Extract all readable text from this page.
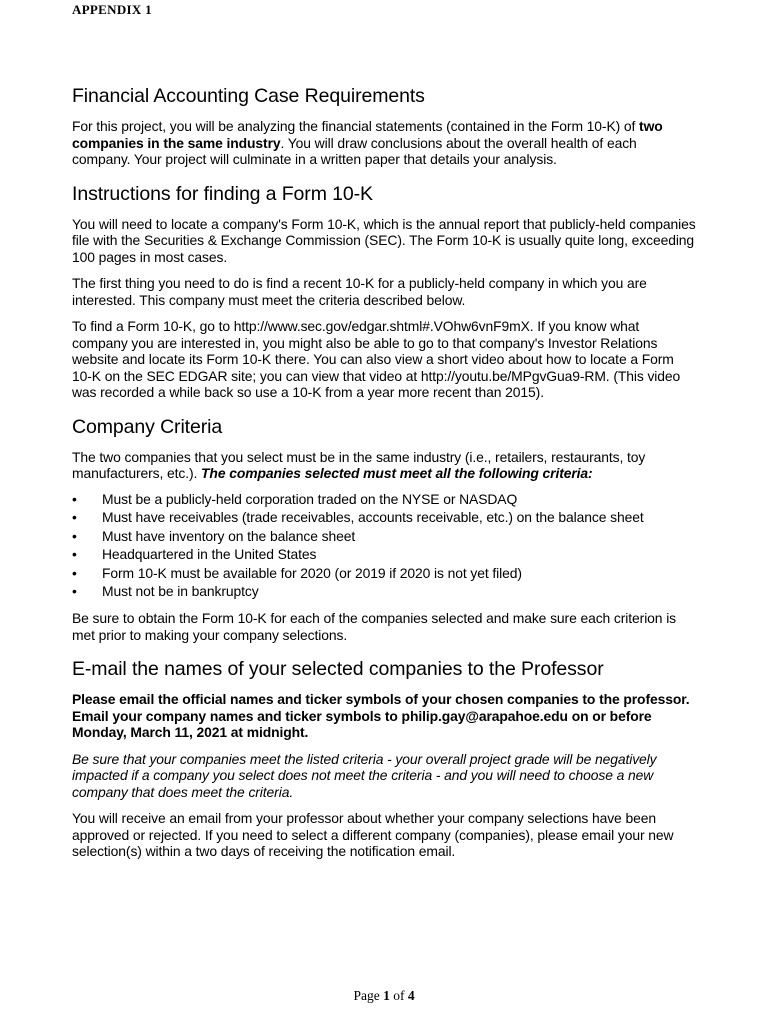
APPENDIX 1
Financial Accounting Case Requirements

For this project, you will be analyzing the financial statements (contained in the Form 10-K) of two companies in the same industry. You will draw conclusions about the overall health of each company. Your project will culminate in a written paper that details your analysis.

Instructions for finding a Form 10-K

You will need to locate a company's Form 10-K, which is the annual report that publicly-held companies file with the Securities & Exchange Commission (SEC). The Form 10-K is usually quite long, exceeding 100 pages in most cases.

The first thing you need to do is find a recent 10-K for a publicly-held company in which you are interested. This company must meet the criteria described below.

To find a Form 10-K, go to http://www.sec.gov/edgar.shtml#.VOhw6vnF9mX. If you know what company you are interested in, you might also be able to go to that company's Investor Relations website and locate its Form 10-K there. You can also view a short video about how to locate a Form 10-K on the SEC EDGAR site; you can view that video at http://youtu.be/MPgvGua9-RM. (This video was recorded a while back so use a 10-K from a year more recent than 2015).

Company Criteria

The two companies that you select must be in the same industry (i.e., retailers, restaurants, toy manufacturers, etc.). The companies selected must meet all the following criteria:

• Must be a publicly-held corporation traded on the NYSE or NASDAQ
• Must have receivables (trade receivables, accounts receivable, etc.) on the balance sheet
• Must have inventory on the balance sheet
• Headquartered in the United States
• Form 10-K must be available for 2020 (or 2019 if 2020 is not yet filed)
• Must not be in bankruptcy

Be sure to obtain the Form 10-K for each of the companies selected and make sure each criterion is met prior to making your company selections.

E-mail the names of your selected companies to the Professor

Please email the official names and ticker symbols of your chosen companies to the professor. Email your company names and ticker symbols to philip.gay@arapahoe.edu on or before Monday, March 11, 2021 at midnight.

Be sure that your companies meet the listed criteria - your overall project grade will be negatively impacted if a company you select does not meet the criteria - and you will need to choose a new company that does meet the criteria.

You will receive an email from your professor about whether your company selections have been approved or rejected. If you need to select a different company (companies), please email your new selection(s) within a two days of receiving the notification email.

Page 1 of 4
